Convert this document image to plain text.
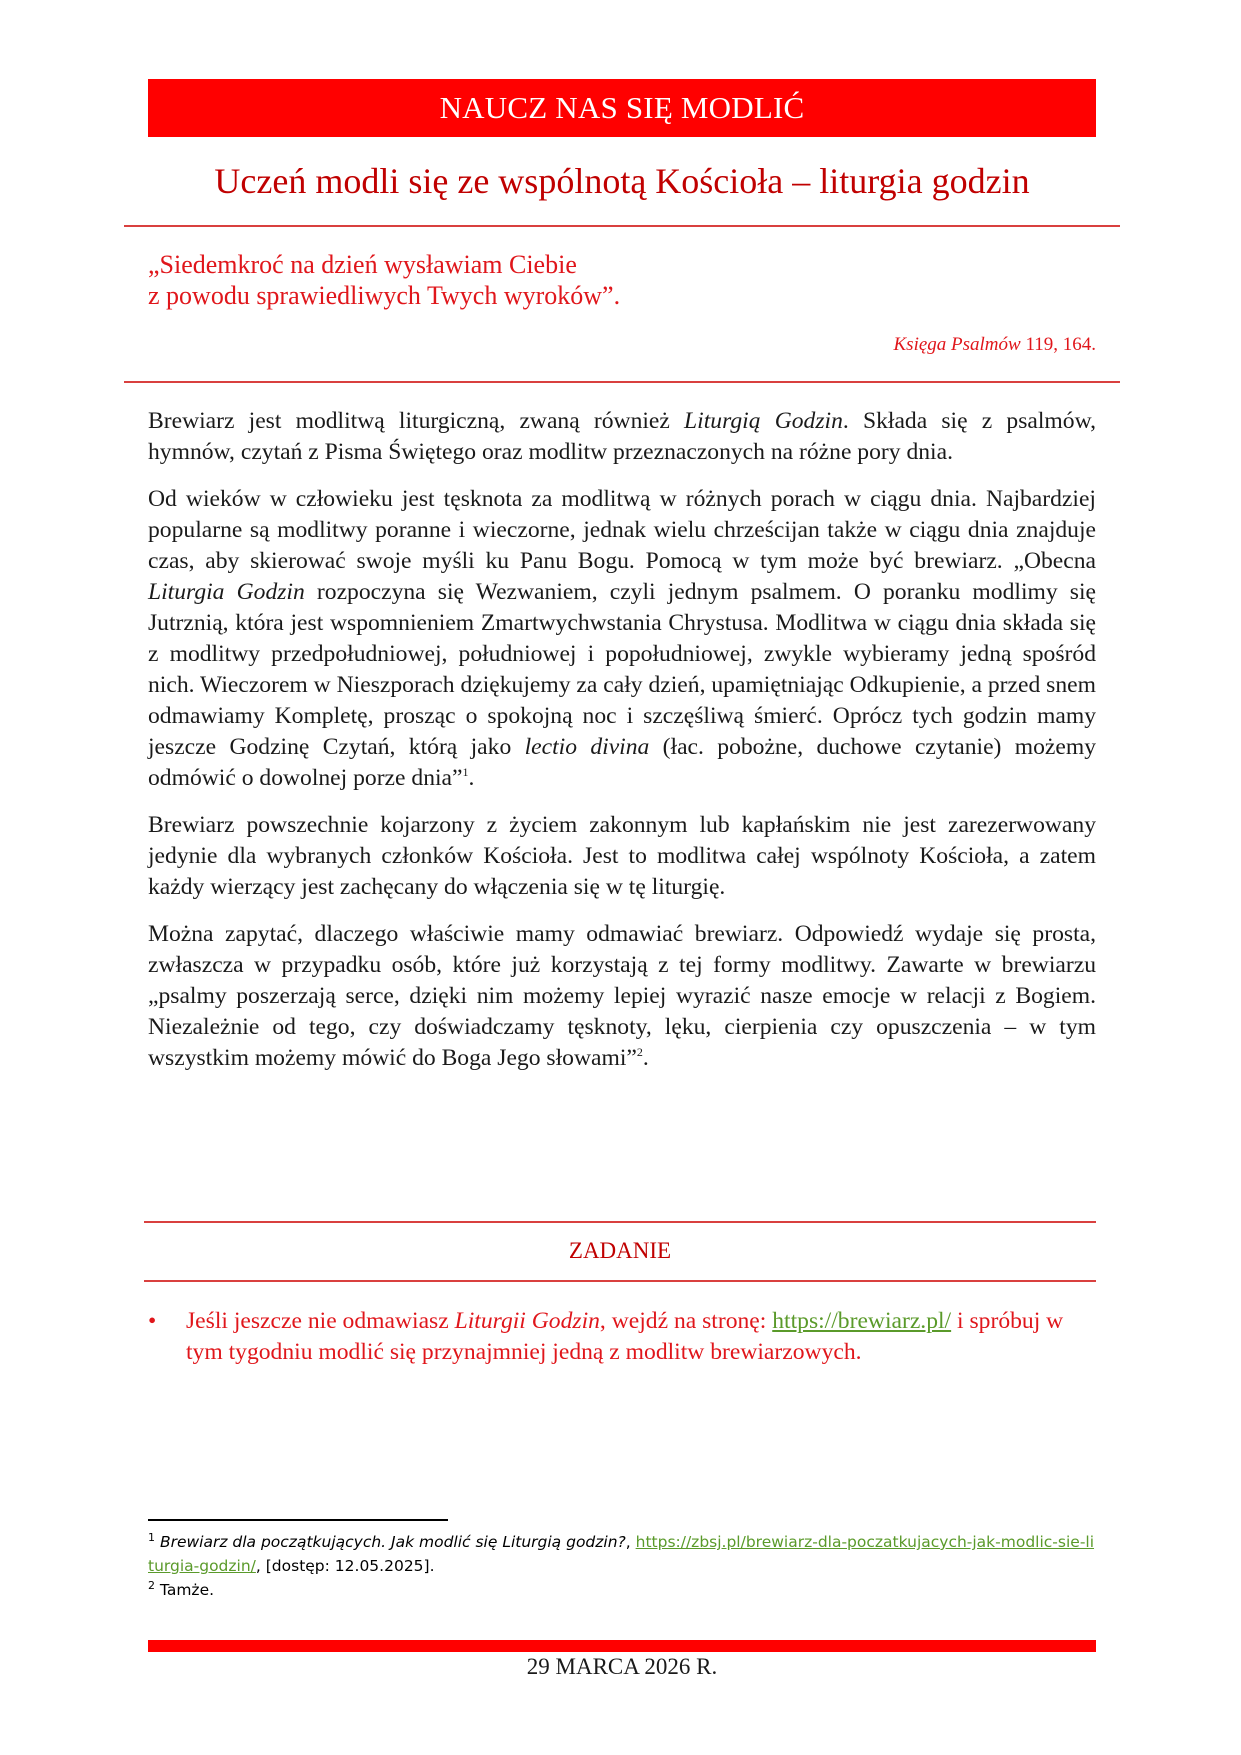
NAUCZ NAS SIĘ MODLIĆ
Uczeń modli się ze wspólnotą Kościoła – liturgia godzin
„Siedemkroć na dzień wysławiam Ciebie
z powodu sprawiedliwych Twych wyroków”.
Księga Psalmów 119, 164.

Brewiarz jest modlitwą liturgiczną, zwaną również Liturgią Godzin. Składa się z psalmów, hymnów, czytań z Pisma Świętego oraz modlitw przeznaczonych na różne pory dnia.

Od wieków w człowieku jest tęsknota za modlitwą w różnych porach w ciągu dnia. Najbardziej popularne są modlitwy poranne i wieczorne, jednak wielu chrześcijan także w ciągu dnia znajduje czas, aby skierować swoje myśli ku Panu Bogu. Pomocą w tym może być brewiarz. „Obecna Liturgia Godzin rozpoczyna się Wezwaniem, czyli jednym psalmem. O poranku modlimy się Jutrznią, która jest wspomnieniem Zmartwychwstania Chrystusa. Modlitwa w ciągu dnia składa się z modlitwy przedpołudniowej, południowej i popołudniowej, zwykle wybieramy jedną spośród nich. Wieczorem w Nieszporach dziękujemy za cały dzień, upamiętniając Odkupienie, a przed snem odmawiamy Kompletę, prosząc o spokojną noc i szczęśliwą śmierć. Oprócz tych godzin mamy jeszcze Godzinę Czytań, którą jako lectio divina (łac. pobożne, duchowe czytanie) możemy odmówić o dowolnej porze dnia”$^1$.

Brewiarz powszechnie kojarzony z życiem zakonnym lub kapłańskim nie jest zarezerwowany jedynie dla wybranych członków Kościoła. Jest to modlitwa całej wspólnoty Kościoła, a zatem każdy wierzący jest zachęcany do włączenia się w tę liturgię.

Można zapytać, dlaczego właściwie mamy odmawiać brewiarz. Odpowiedź wydaje się prosta, zwłaszcza w przypadku osób, które już korzystają z tej formy modlitwy. Zawarte w brewiarzu „psalmy poszerzają serce, dzięki nim możemy lepiej wyrazić nasze emocje w relacji z Bogiem. Niezależnie od tego, czy doświadczamy tęsknoty, lęku, cierpienia czy opuszczenia – w tym wszystkim możemy mówić do Boga Jego słowami”$^2$.

ZADANIE
• Jeśli jeszcze nie odmawiasz Liturgii Godzin, wejdź na stronę: https://brewiarz.pl/ i spróbuj w tym tygodniu modlić się przynajmniej jedną z modlitw brewiarzowych.
$^1$ Brewiarz dla początkujących. Jak modlić się Liturgią godzin?, https://zbsj.pl/brewiarz-dla-poczatkujacych-jak-modlic-sie-liturgia-godzin/, [dostęp: 12.05.2025].
$^2$ Tamże.
29 MARCA 2026 R.
